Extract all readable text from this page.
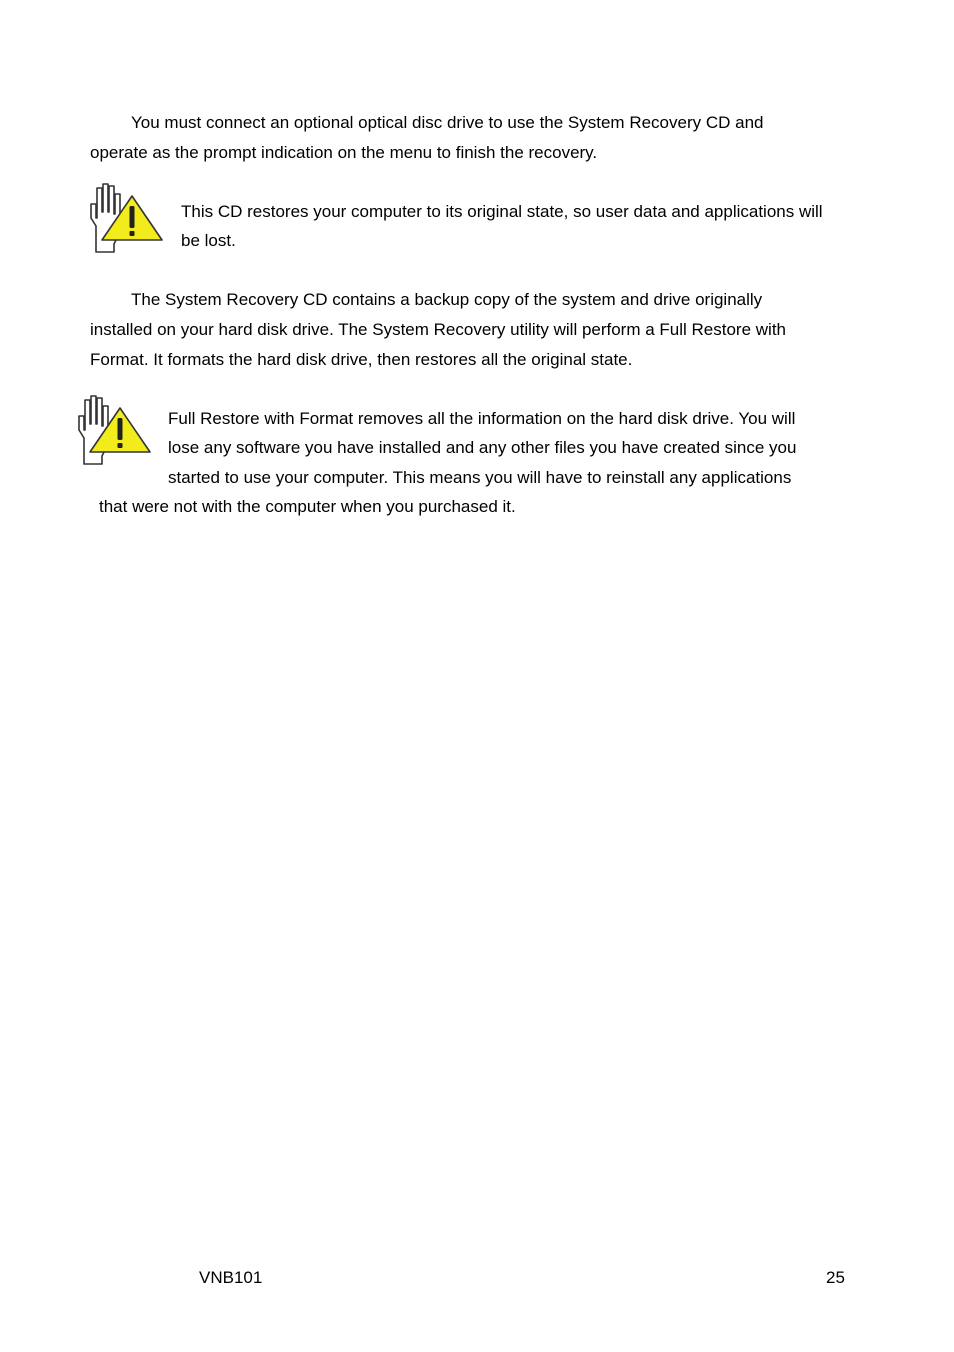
You must connect an optional optical disc drive to use the System Recovery CD and
operate as the prompt indication on the menu to finish the recovery.
This CD restores your computer to its original state, so user data and applications will
be lost.
The System Recovery CD contains a backup copy of the system and drive originally
installed on your hard disk drive. The System Recovery utility will perform a Full Restore with
Format. It formats the hard disk drive, then restores all the original state.
Full Restore with Format removes all the information on the hard disk drive. You will
lose any software you have installed and any other files you have created since you
started to use your computer. This means you will have to reinstall any applications
that were not with the computer when you purchased it.
VNB101	25
